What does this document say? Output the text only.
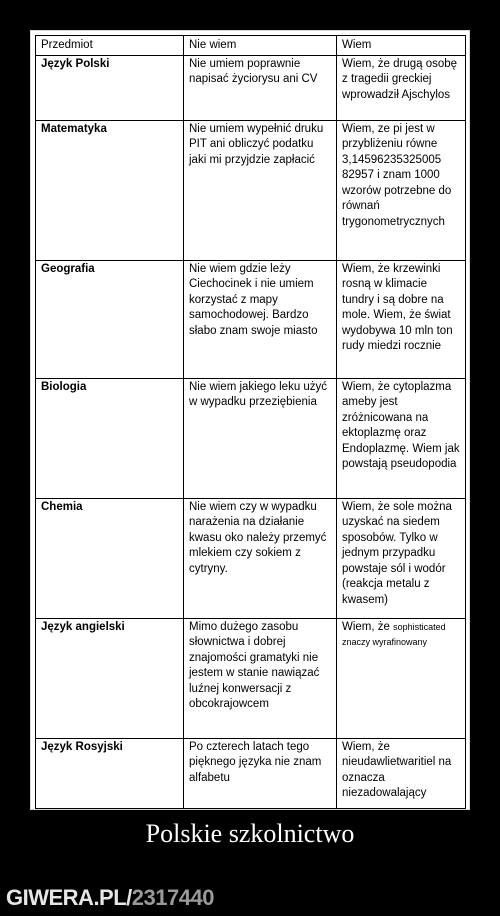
Przedmiot	Nie wiem	Wiem
Język Polski	Nie umiem poprawnie napisać życiorysu ani CV	Wiem, że drugą osobę z tragedii greckiej wprowadził Ajschylos
Matematyka	Nie umiem wypełnić druku PIT ani obliczyć podatku jaki mi przyjdzie zapłacić	Wiem, ze pi jest w przybliżeniu równe 3,14596235325005 82957 i znam 1000 wzorów potrzebne do równań trygonometrycznych
Geografia	Nie wiem gdzie leży Ciechocinek i nie umiem korzystać z mapy samochodowej. Bardzo słabo znam swoje miasto	Wiem, że krzewinki rosną w klimacie tundry i są dobre na mole. Wiem, że świat wydobywa 10 mln ton rudy miedzi rocznie
Biologia	Nie wiem jakiego leku użyć w wypadku przeziębienia	Wiem, że cytoplazma ameby jest zróżnicowana na ektoplazmę oraz Endoplazmę. Wiem jak powstają pseudopodia
Chemia	Nie wiem czy w wypadku narażenia na działanie kwasu oko należy przemyć mlekiem czy sokiem z cytryny.	Wiem, że sole można uzyskać na siedem sposobów. Tylko w jednym przypadku powstaje sól i wodór (reakcja metalu z kwasem)
Język angielski	Mimo dużego zasobu słownictwa i dobrej znajomości gramatyki nie jestem w stanie nawiązać luźnej konwersacji z obcokrajowcem	Wiem, że sophisticated znaczy wyrafinowany
Język Rosyjski	Po czterech latach tego pięknego języka nie znam alfabetu	Wiem, że nieudawlietwaritiel na oznacza niezadowalający
Polskie szkolnictwo
GIWERA.PL/2317440
